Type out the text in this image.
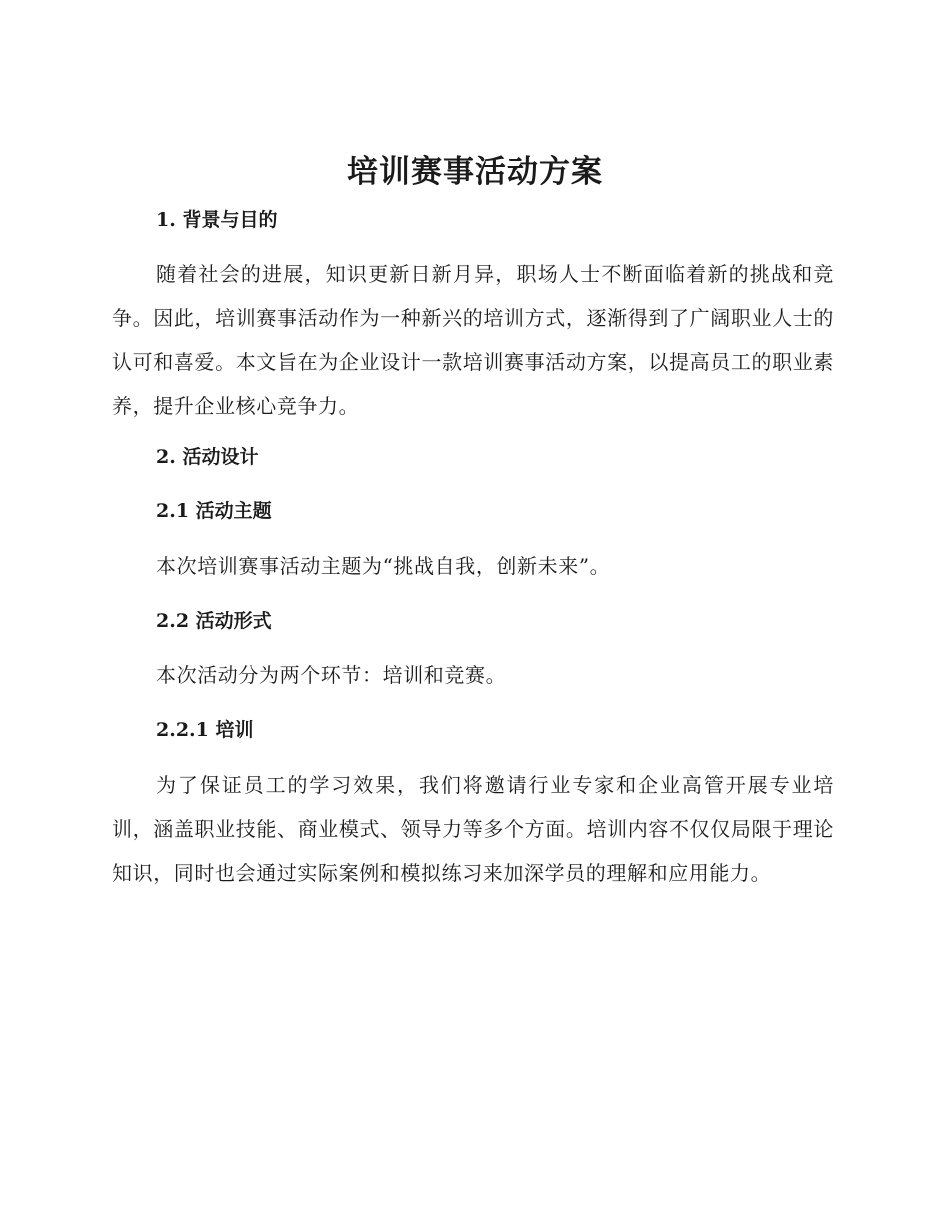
培训赛事活动方案
1. 背景与目的

随着社会的进展，知识更新日新月异，职场人士不断面临着新的挑战和竞争。因此，培训赛事活动作为一种新兴的培训方式，逐渐得到了广阔职业人士的认可和喜爱。本文旨在为企业设计一款培训赛事活动方案，以提高员工的职业素养，提升企业核心竞争力。

2. 活动设计
2.1 活动主题

本次培训赛事活动主题为“挑战自我，创新未来”。

2.2 活动形式

本次活动分为两个环节：培训和竞赛。

2.2.1 培训

为了保证员工的学习效果，我们将邀请行业专家和企业高管开展专业培训，涵盖职业技能、商业模式、领导力等多个方面。培训内容不仅仅局限于理论知识，同时也会通过实际案例和模拟练习来加深学员的理解和应用能力。
